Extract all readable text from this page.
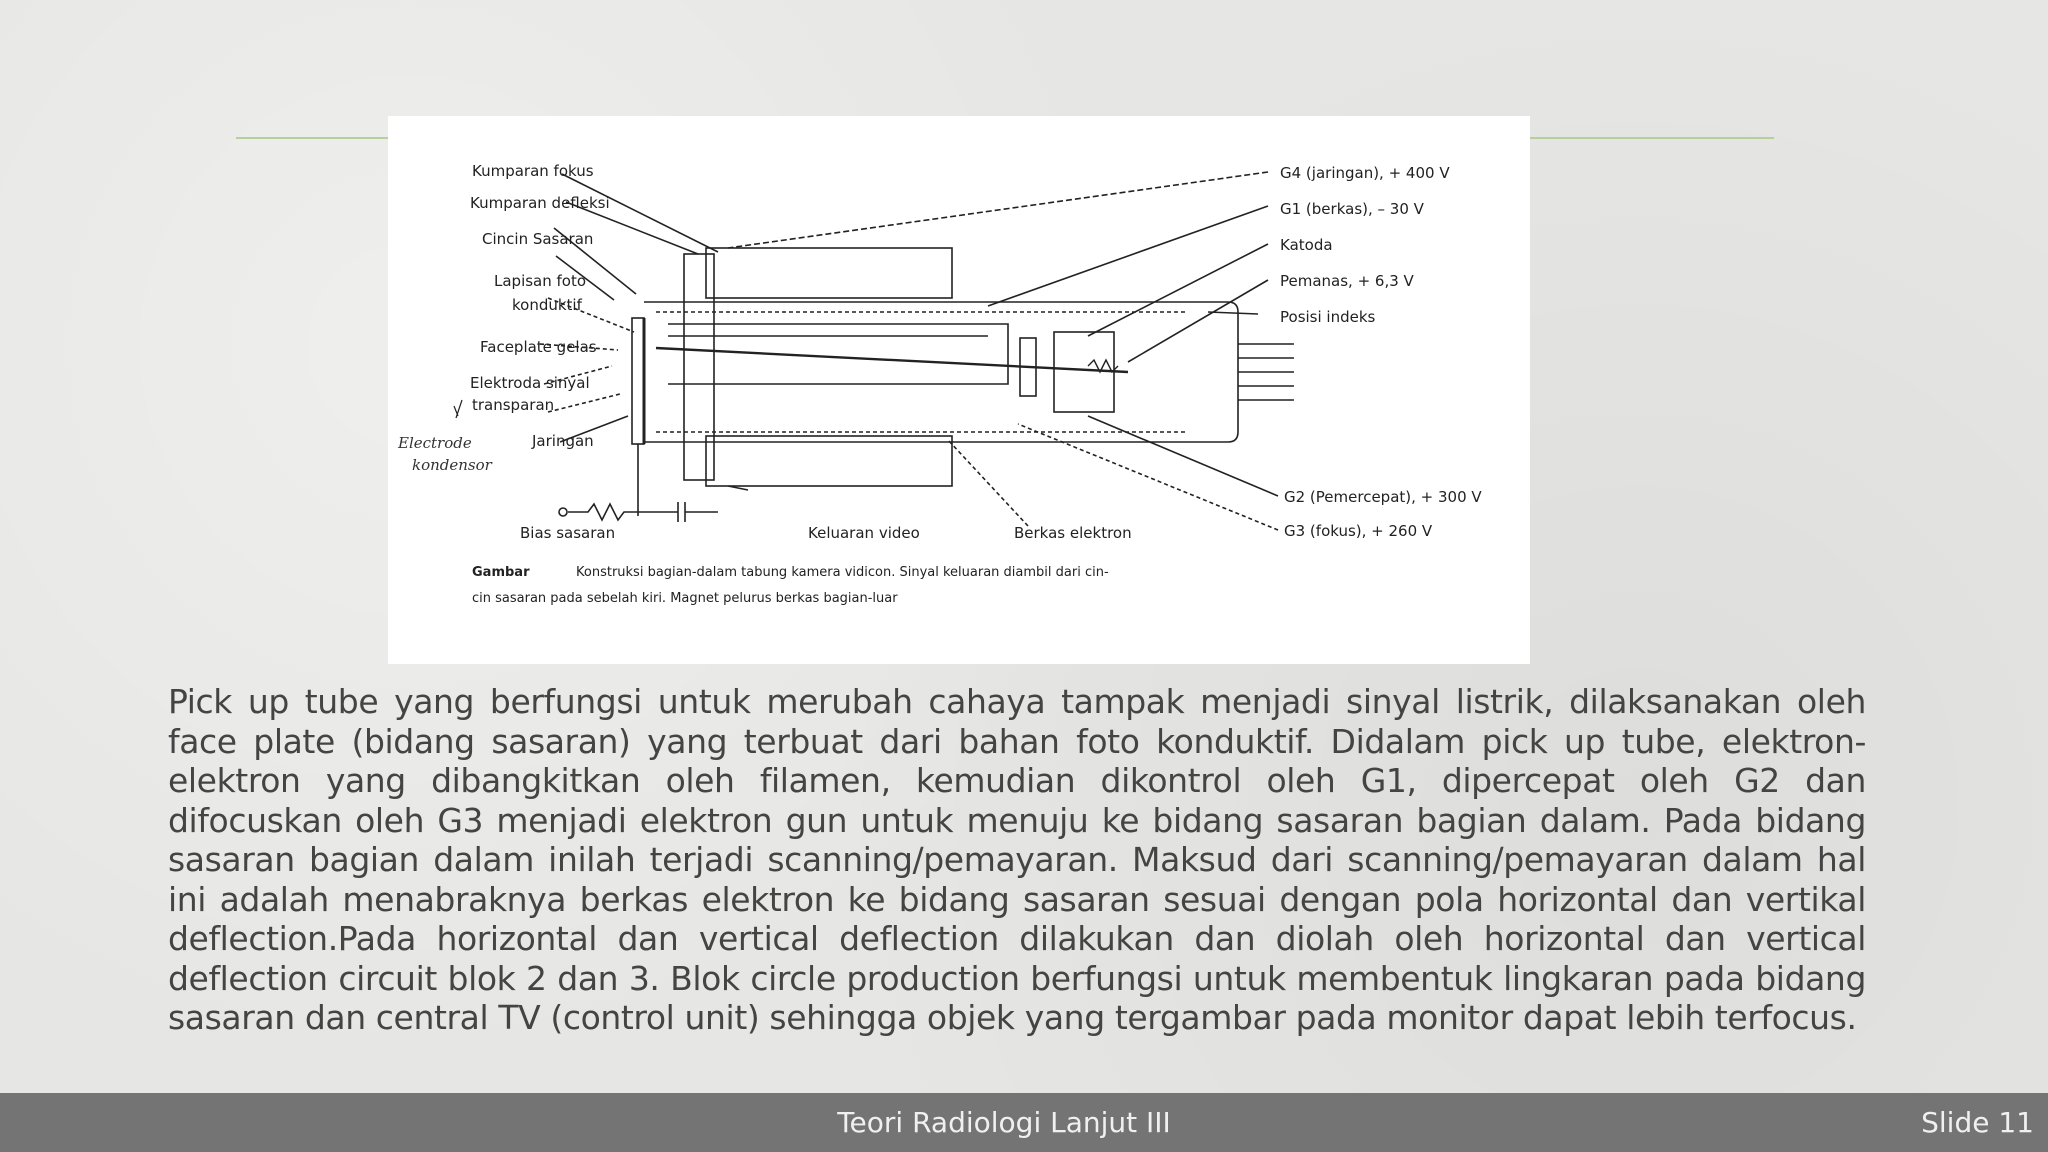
Kumparan fokus
Kumparan defleksi
Cincin Sasaran
Lapisan foto
konduktif
Faceplate gelas
Elektroda sinyal
transparan
Jaringan
Electrode
kondensor
G4 (jaringan), + 400 V
G1 (berkas), – 30 V
Katoda
Pemanas, + 6,3 V
Posisi indeks
G2 (Pemercepat), + 300 V
G3 (fokus), + 260 V
Bias sasaran	Keluaran video	Berkas elektron
Gambar	Konstruksi bagian-dalam tabung kamera vidicon. Sinyal keluaran diambil dari cin-
cin sasaran pada sebelah kiri. Magnet pelurus berkas bagian-luar
Pick up tube yang berfungsi untuk merubah cahaya tampak menjadi sinyal listrik, dilaksanakan oleh face plate (bidang sasaran) yang terbuat dari bahan foto konduktif. Didalam pick up tube, elektron-elektron yang dibangkitkan oleh filamen, kemudian dikontrol oleh G1, dipercepat oleh G2 dan difocuskan oleh G3 menjadi elektron gun untuk menuju ke bidang sasaran bagian dalam. Pada bidang sasaran bagian dalam inilah terjadi scanning/pemayaran. Maksud dari scanning/pemayaran dalam hal ini adalah menabraknya berkas elektron ke bidang sasaran sesuai dengan pola horizontal dan vertikal deflection.Pada horizontal dan vertical deflection dilakukan dan diolah oleh horizontal dan vertical deflection circuit blok 2 dan 3. Blok circle production berfungsi untuk membentuk lingkaran pada bidang sasaran dan central TV (control unit) sehingga objek yang tergambar pada monitor dapat lebih terfocus.
Teori Radiologi Lanjut III	Slide 11
